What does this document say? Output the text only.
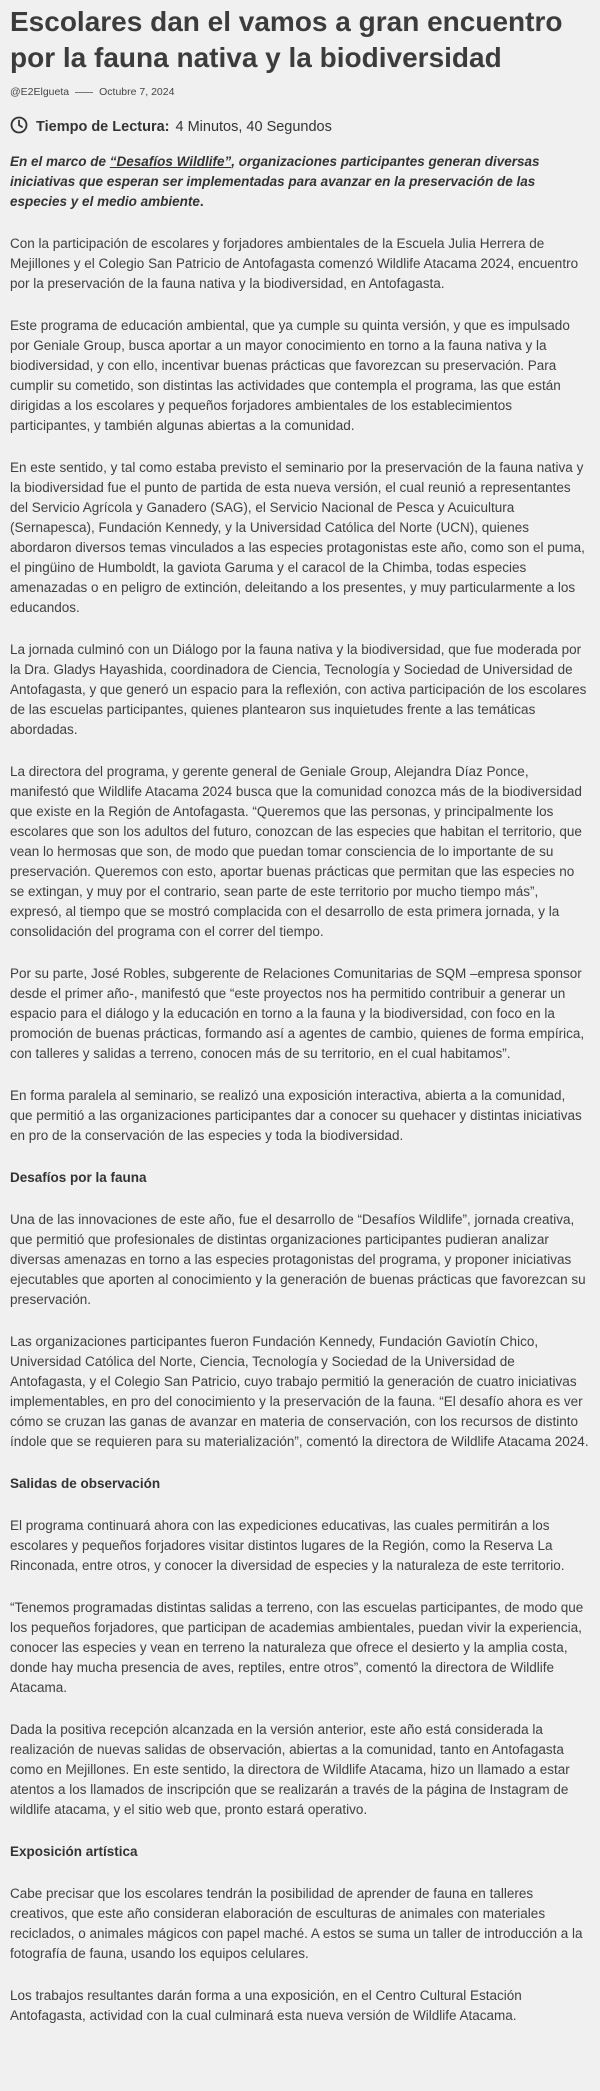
Escolares dan el vamos a gran encuentro por la fauna nativa y la biodiversidad
@E2Elgueta	Octubre 7, 2024
Tiempo de Lectura: 4 Minutos, 40 Segundos

En el marco de “Desafíos Wildlife”, organizaciones participantes generan diversas iniciativas que esperan ser implementadas para avanzar en la preservación de las especies y el medio ambiente.

Con la participación de escolares y forjadores ambientales de la Escuela Julia Herrera de Mejillones y el Colegio San Patricio de Antofagasta comenzó Wildlife Atacama 2024, encuentro por la preservación de la fauna nativa y la biodiversidad, en Antofagasta.

Este programa de educación ambiental, que ya cumple su quinta versión, y que es impulsado por Geniale Group, busca aportar a un mayor conocimiento en torno a la fauna nativa y la biodiversidad, y con ello, incentivar buenas prácticas que favorezcan su preservación. Para cumplir su cometido, son distintas las actividades que contempla el programa, las que están dirigidas a los escolares y pequeños forjadores ambientales de los establecimientos participantes, y también algunas abiertas a la comunidad.

En este sentido, y tal como estaba previsto el seminario por la preservación de la fauna nativa y la biodiversidad fue el punto de partida de esta nueva versión, el cual reunió a representantes del Servicio Agrícola y Ganadero (SAG), el Servicio Nacional de Pesca y Acuicultura (Sernapesca), Fundación Kennedy, y la Universidad Católica del Norte (UCN), quienes abordaron diversos temas vinculados a las especies protagonistas este año, como son el puma, el pingüino de Humboldt, la gaviota Garuma y el caracol de la Chimba, todas especies amenazadas o en peligro de extinción, deleitando a los presentes, y muy particularmente a los educandos.

La jornada culminó con un Diálogo por la fauna nativa y la biodiversidad, que fue moderada por la Dra. Gladys Hayashida, coordinadora de Ciencia, Tecnología y Sociedad de Universidad de Antofagasta, y que generó un espacio para la reflexión, con activa participación de los escolares de las escuelas participantes, quienes plantearon sus inquietudes frente a las temáticas abordadas.

La directora del programa, y gerente general de Geniale Group, Alejandra Díaz Ponce, manifestó que Wildlife Atacama 2024 busca que la comunidad conozca más de la biodiversidad que existe en la Región de Antofagasta. “Queremos que las personas, y principalmente los escolares que son los adultos del futuro, conozcan de las especies que habitan el territorio, que vean lo hermosas que son, de modo que puedan tomar consciencia de lo importante de su preservación. Queremos con esto, aportar buenas prácticas que permitan que las especies no se extingan, y muy por el contrario, sean parte de este territorio por mucho tiempo más”, expresó, al tiempo que se mostró complacida con el desarrollo de esta primera jornada, y la consolidación del programa con el correr del tiempo.

Por su parte, José Robles, subgerente de Relaciones Comunitarias de SQM –empresa sponsor desde el primer año-, manifestó que “este proyectos nos ha permitido contribuir a generar un espacio para el diálogo y la educación en torno a la fauna y la biodiversidad, con foco en la promoción de buenas prácticas, formando así a agentes de cambio, quienes de forma empírica, con talleres y salidas a terreno, conocen más de su territorio, en el cual habitamos”.

En forma paralela al seminario, se realizó una exposición interactiva, abierta a la comunidad, que permitió a las organizaciones participantes dar a conocer su quehacer y distintas iniciativas en pro de la conservación de las especies y toda la biodiversidad.

Desafíos por la fauna

Una de las innovaciones de este año, fue el desarrollo de “Desafíos Wildlife”, jornada creativa, que permitió que profesionales de distintas organizaciones participantes pudieran analizar diversas amenazas en torno a las especies protagonistas del programa, y proponer iniciativas ejecutables que aporten al conocimiento y la generación de buenas prácticas que favorezcan su preservación.

Las organizaciones participantes fueron Fundación Kennedy, Fundación Gaviotín Chico, Universidad Católica del Norte, Ciencia, Tecnología y Sociedad de la Universidad de Antofagasta, y el Colegio San Patricio, cuyo trabajo permitió la generación de cuatro iniciativas implementables, en pro del conocimiento y la preservación de la fauna. “El desafío ahora es ver cómo se cruzan las ganas de avanzar en materia de conservación, con los recursos de distinto índole que se requieren para su materialización”, comentó la directora de Wildlife Atacama 2024.

Salidas de observación

El programa continuará ahora con las expediciones educativas, las cuales permitirán a los escolares y pequeños forjadores visitar distintos lugares de la Región, como la Reserva La Rinconada, entre otros, y conocer la diversidad de especies y la naturaleza de este territorio.

“Tenemos programadas distintas salidas a terreno, con las escuelas participantes, de modo que los pequeños forjadores, que participan de academias ambientales, puedan vivir la experiencia, conocer las especies y vean en terreno la naturaleza que ofrece el desierto y la amplia costa, donde hay mucha presencia de aves, reptiles, entre otros”, comentó la directora de Wildlife Atacama.

Dada la positiva recepción alcanzada en la versión anterior, este año está considerada la realización de nuevas salidas de observación, abiertas a la comunidad, tanto en Antofagasta como en Mejillones. En este sentido, la directora de Wildlife Atacama, hizo un llamado a estar atentos a los llamados de inscripción que se realizarán a través de la página de Instagram de wildlife atacama, y el sitio web que, pronto estará operativo.

Exposición artística

Cabe precisar que los escolares tendrán la posibilidad de aprender de fauna en talleres creativos, que este año consideran elaboración de esculturas de animales con materiales reciclados, o animales mágicos con papel maché. A estos se suma un taller de introducción a la fotografía de fauna, usando los equipos celulares.

Los trabajos resultantes darán forma a una exposición, en el Centro Cultural Estación Antofagasta, actividad con la cual culminará esta nueva versión de Wildlife Atacama.
